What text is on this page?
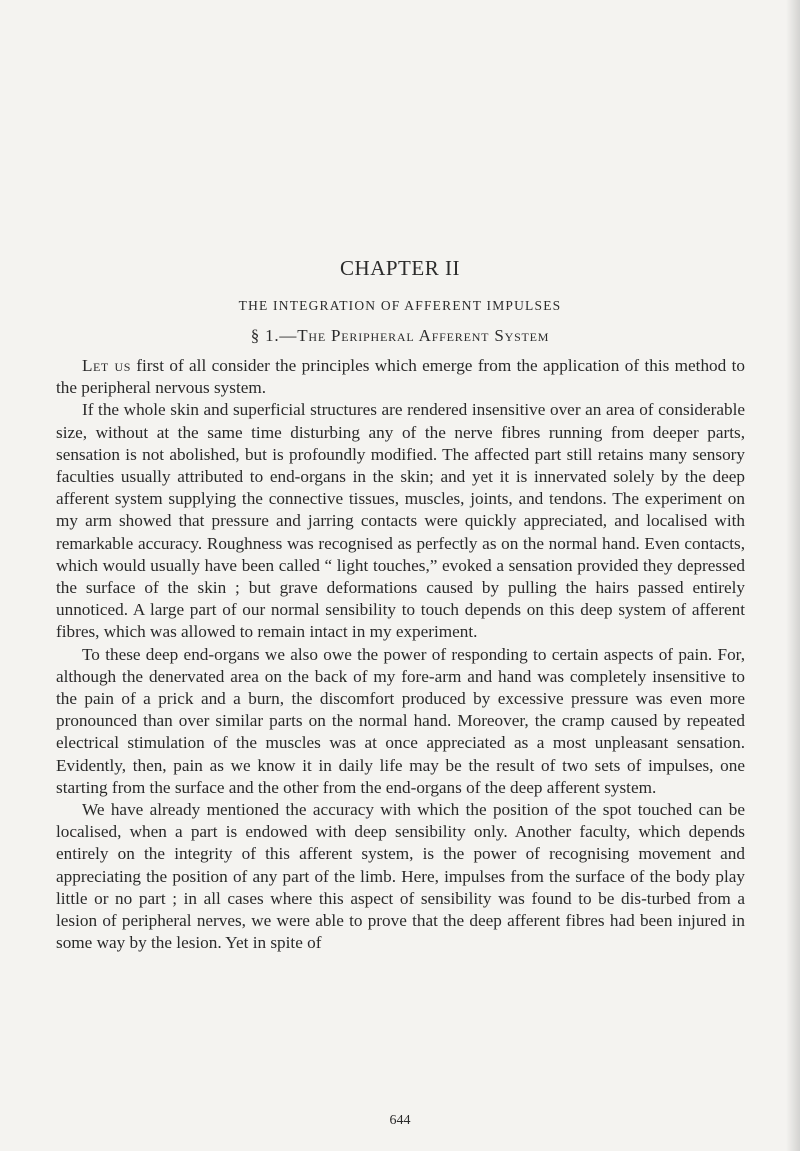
CHAPTER II
THE INTEGRATION OF AFFERENT IMPULSES
§ 1.—The Peripheral Afferent System

Let us first of all consider the principles which emerge from the application of this method to the peripheral nervous system.

If the whole skin and superficial structures are rendered insensitive over an area of considerable size, without at the same time disturbing any of the nerve fibres running from deeper parts, sensation is not abolished, but is profoundly modified. The affected part still retains many sensory faculties usually attributed to end-organs in the skin; and yet it is innervated solely by the deep afferent system supplying the connective tissues, muscles, joints, and tendons. The experiment on my arm showed that pressure and jarring contacts were quickly appreciated, and localised with remarkable accuracy. Roughness was recognised as perfectly as on the normal hand. Even contacts, which would usually have been called “ light touches,” evoked a sensation provided they depressed the surface of the skin ; but grave deformations caused by pulling the hairs passed entirely unnoticed. A large part of our normal sensibility to touch depends on this deep system of afferent fibres, which was allowed to remain intact in my experiment.

To these deep end-organs we also owe the power of responding to certain aspects of pain. For, although the denervated area on the back of my fore-arm and hand was completely insensitive to the pain of a prick and a burn, the discomfort produced by excessive pressure was even more pronounced than over similar parts on the normal hand. Moreover, the cramp caused by repeated electrical stimulation of the muscles was at once appreciated as a most unpleasant sensation. Evidently, then, pain as we know it in daily life may be the result of two sets of impulses, one starting from the surface and the other from the end-organs of the deep afferent system.

We have already mentioned the accuracy with which the position of the spot touched can be localised, when a part is endowed with deep sensibility only. Another faculty, which depends entirely on the integrity of this afferent system, is the power of recognising movement and appreciating the position of any part of the limb. Here, impulses from the surface of the body play little or no part ; in all cases where this aspect of sensibility was found to be dis-turbed from a lesion of peripheral nerves, we were able to prove that the deep afferent fibres had been injured in some way by the lesion. Yet in spite of

644
